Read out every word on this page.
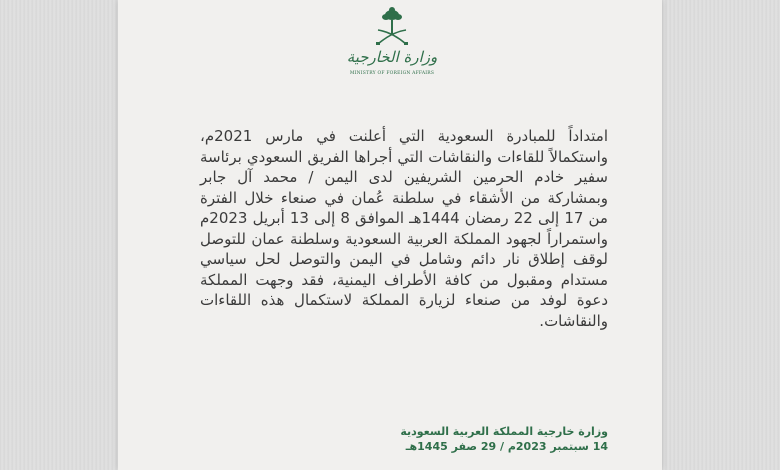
وزارة الخارجية
MINISTRY OF FOREIGN AFFAIRS
امتداداً للمبادرة السعودية التي أعلنت في مارس 2021م، واستكمالاً للقاءات والنقاشات التي أجراها الفريق السعودي برئاسة سفير خادم الحرمين الشريفين لدى اليمن / محمد آل جابر وبمشاركة من الأشقاء في سلطنة عُمان في صنعاء خلال الفترة من 17 إلى 22 رمضان 1444هـ الموافق 8 إلى 13 أبريل 2023م واستمراراً لجهود المملكة العربية السعودية وسلطنة عمان للتوصل لوقف إطلاق نار دائم وشامل في اليمن والتوصل لحل سياسي مستدام ومقبول من كافة الأطراف اليمنية، فقد وجهت المملكة دعوة لوفد من صنعاء لزيارة المملكة لاستكمال هذه اللقاءات والنقاشات.
وزارة خارجية المملكة العربية السعودية
14 سبتمبر 2023م / 29 صفر 1445هـ
